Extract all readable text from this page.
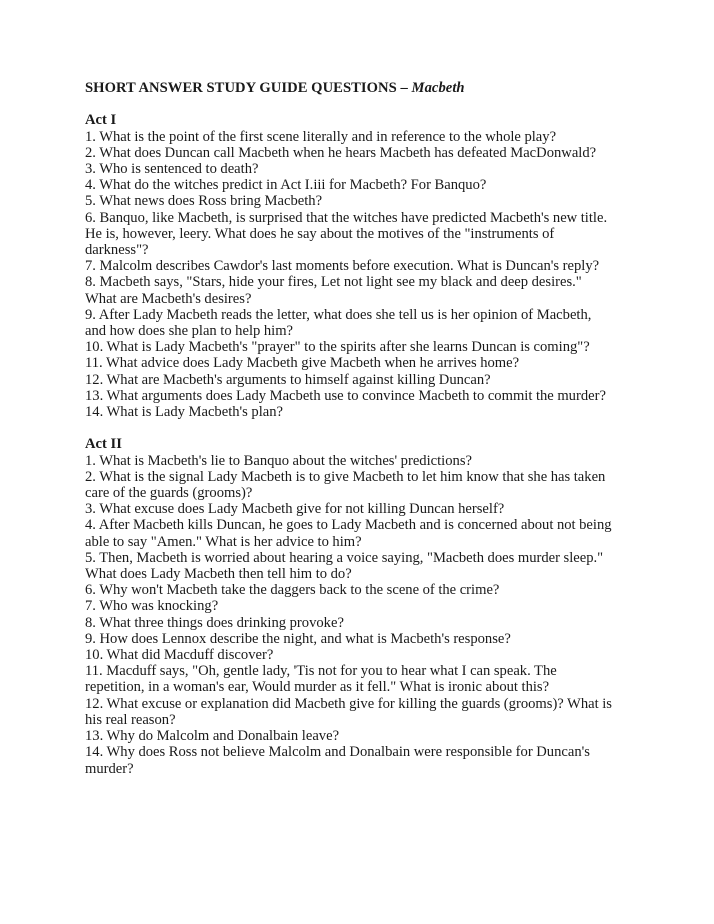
SHORT ANSWER STUDY GUIDE QUESTIONS – Macbeth
Act I
1. What is the point of the first scene literally and in reference to the whole play?
2. What does Duncan call Macbeth when he hears Macbeth has defeated MacDonwald?
3. Who is sentenced to death?
4. What do the witches predict in Act I.iii for Macbeth? For Banquo?
5. What news does Ross bring Macbeth?
6. Banquo, like Macbeth, is surprised that the witches have predicted Macbeth's new title. He is, however, leery. What does he say about the motives of the "instruments of darkness"?
7. Malcolm describes Cawdor's last moments before execution. What is Duncan's reply?
8. Macbeth says, "Stars, hide your fires, Let not light see my black and deep desires." What are Macbeth's desires?
9. After Lady Macbeth reads the letter, what does she tell us is her opinion of Macbeth, and how does she plan to help him?
10. What is Lady Macbeth's "prayer" to the spirits after she learns Duncan is coming"?
11. What advice does Lady Macbeth give Macbeth when he arrives home?
12. What are Macbeth's arguments to himself against killing Duncan?
13. What arguments does Lady Macbeth use to convince Macbeth to commit the murder?
14. What is Lady Macbeth's plan?
Act II
1. What is Macbeth's lie to Banquo about the witches' predictions?
2. What is the signal Lady Macbeth is to give Macbeth to let him know that she has taken care of the guards (grooms)?
3. What excuse does Lady Macbeth give for not killing Duncan herself?
4. After Macbeth kills Duncan, he goes to Lady Macbeth and is concerned about not being able to say "Amen." What is her advice to him?
5. Then, Macbeth is worried about hearing a voice saying, "Macbeth does murder sleep." What does Lady Macbeth then tell him to do?
6. Why won't Macbeth take the daggers back to the scene of the crime?
7. Who was knocking?
8. What three things does drinking provoke?
9. How does Lennox describe the night, and what is Macbeth's response?
10. What did Macduff discover?
11. Macduff says, "Oh, gentle lady, 'Tis not for you to hear what I can speak. The repetition, in a woman's ear, Would murder as it fell." What is ironic about this?
12. What excuse or explanation did Macbeth give for killing the guards (grooms)? What is his real reason?
13. Why do Malcolm and Donalbain leave?
14. Why does Ross not believe Malcolm and Donalbain were responsible for Duncan's murder?
